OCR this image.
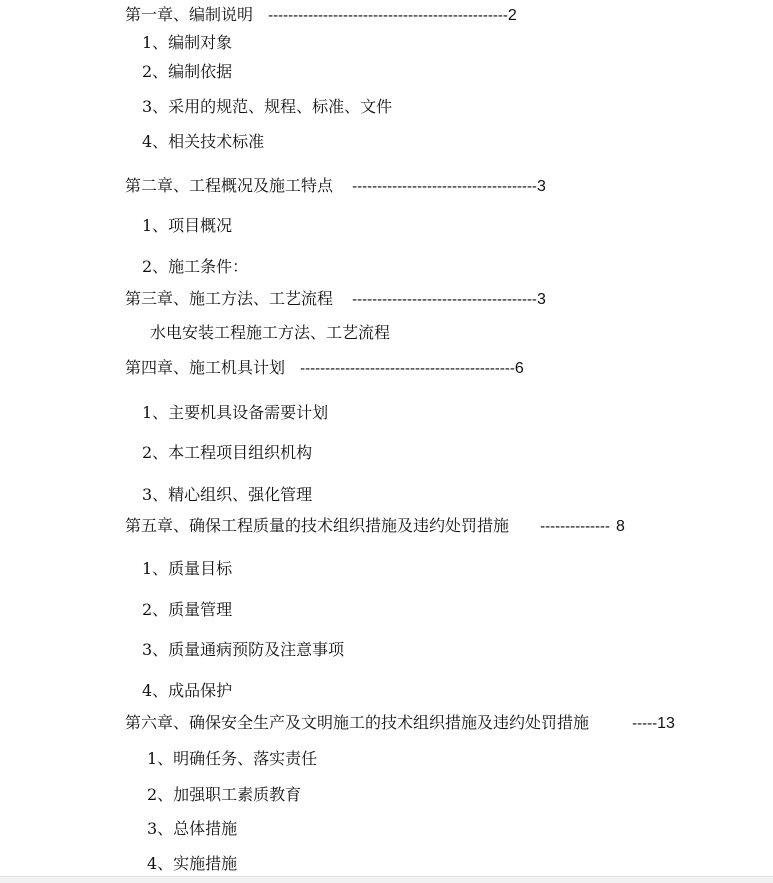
第一章、编制说明 ------------------------------------------------2
1、编制对象
2、编制依据
3、采用的规范、规程、标准、文件
4、相关技术标准
第二章、工程概况及施工特点 -------------------------------------3
1、项目概况
2、施工条件：
第三章、施工方法、工艺流程 -------------------------------------3
水电安装工程施工方法、工艺流程
第四章、施工机具计划 -------------------------------------------6
1、主要机具设备需要计划
2、本工程项目组织机构
3、精心组织、强化管理
第五章、确保工程质量的技术组织措施及违约处罚措施 -------------- 8
1、质量目标
2、质量管理
3、质量通病预防及注意事项
4、成品保护
第六章、确保安全生产及文明施工的技术组织措施及违约处罚措施	-----13
1、明确任务、落实责任
2、加强职工素质教育
3、总体措施
4、实施措施
